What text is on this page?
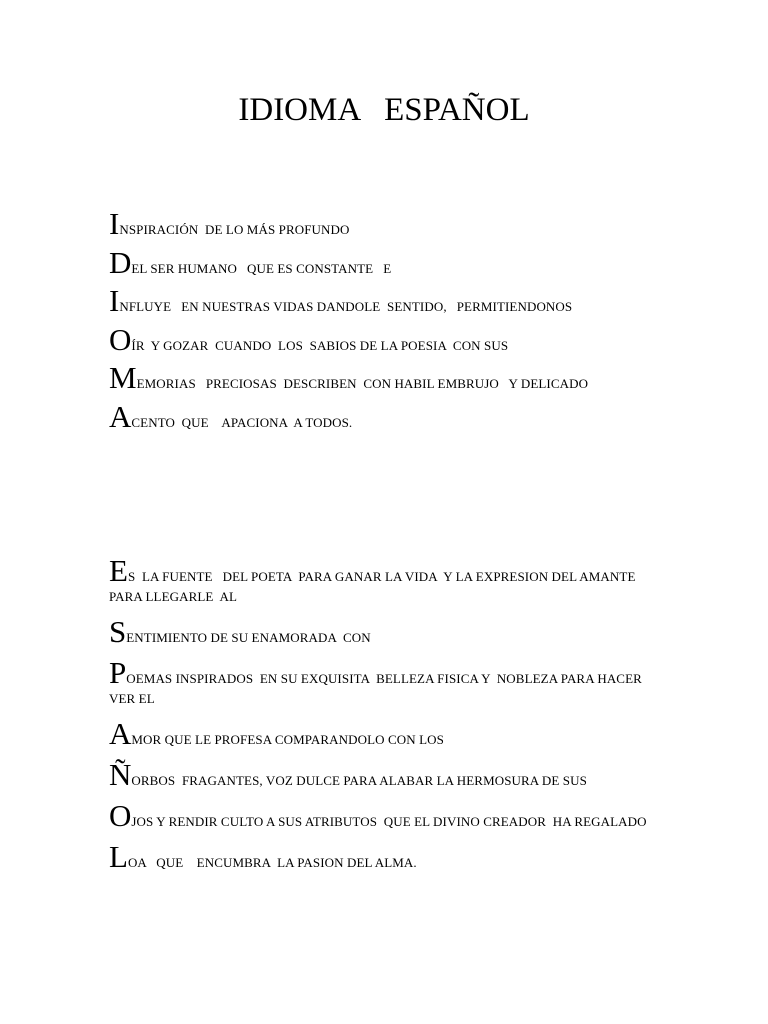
IDIOMA   ESPAÑOL

INSPIRACIÓN  DE LO MÁS PROFUNDO

DEL SER HUMANO   QUE ES CONSTANTE   E

INFLUYE   EN NUESTRAS VIDAS DANDOLE  SENTIDO,   PERMITIENDONOS

OÍR  Y GOZAR  CUANDO  LOS  SABIOS DE LA POESIA  CON SUS

MEMORIAS   PRECIOSAS  DESCRIBEN  CON HABIL EMBRUJO   Y DELICADO

ACENTO  QUE    APACIONA  A TODOS.

ES  LA FUENTE   DEL POETA  PARA GANAR LA VIDA  Y LA EXPRESION DEL AMANTE PARA LLEGARLE  AL

SENTIMIENTO DE SU ENAMORADA  CON

POEMAS INSPIRADOS  EN SU EXQUISITA  BELLEZA FISICA Y  NOBLEZA PARA HACER VER EL

AMOR QUE LE PROFESA COMPARANDOLO CON LOS

ÑORBOS  FRAGANTES, VOZ DULCE PARA ALABAR LA HERMOSURA DE SUS

OJOS Y RENDIR CULTO A SUS ATRIBUTOS  QUE EL DIVINO CREADOR  HA REGALADO

LOA   QUE    ENCUMBRA  LA PASION DEL ALMA.
